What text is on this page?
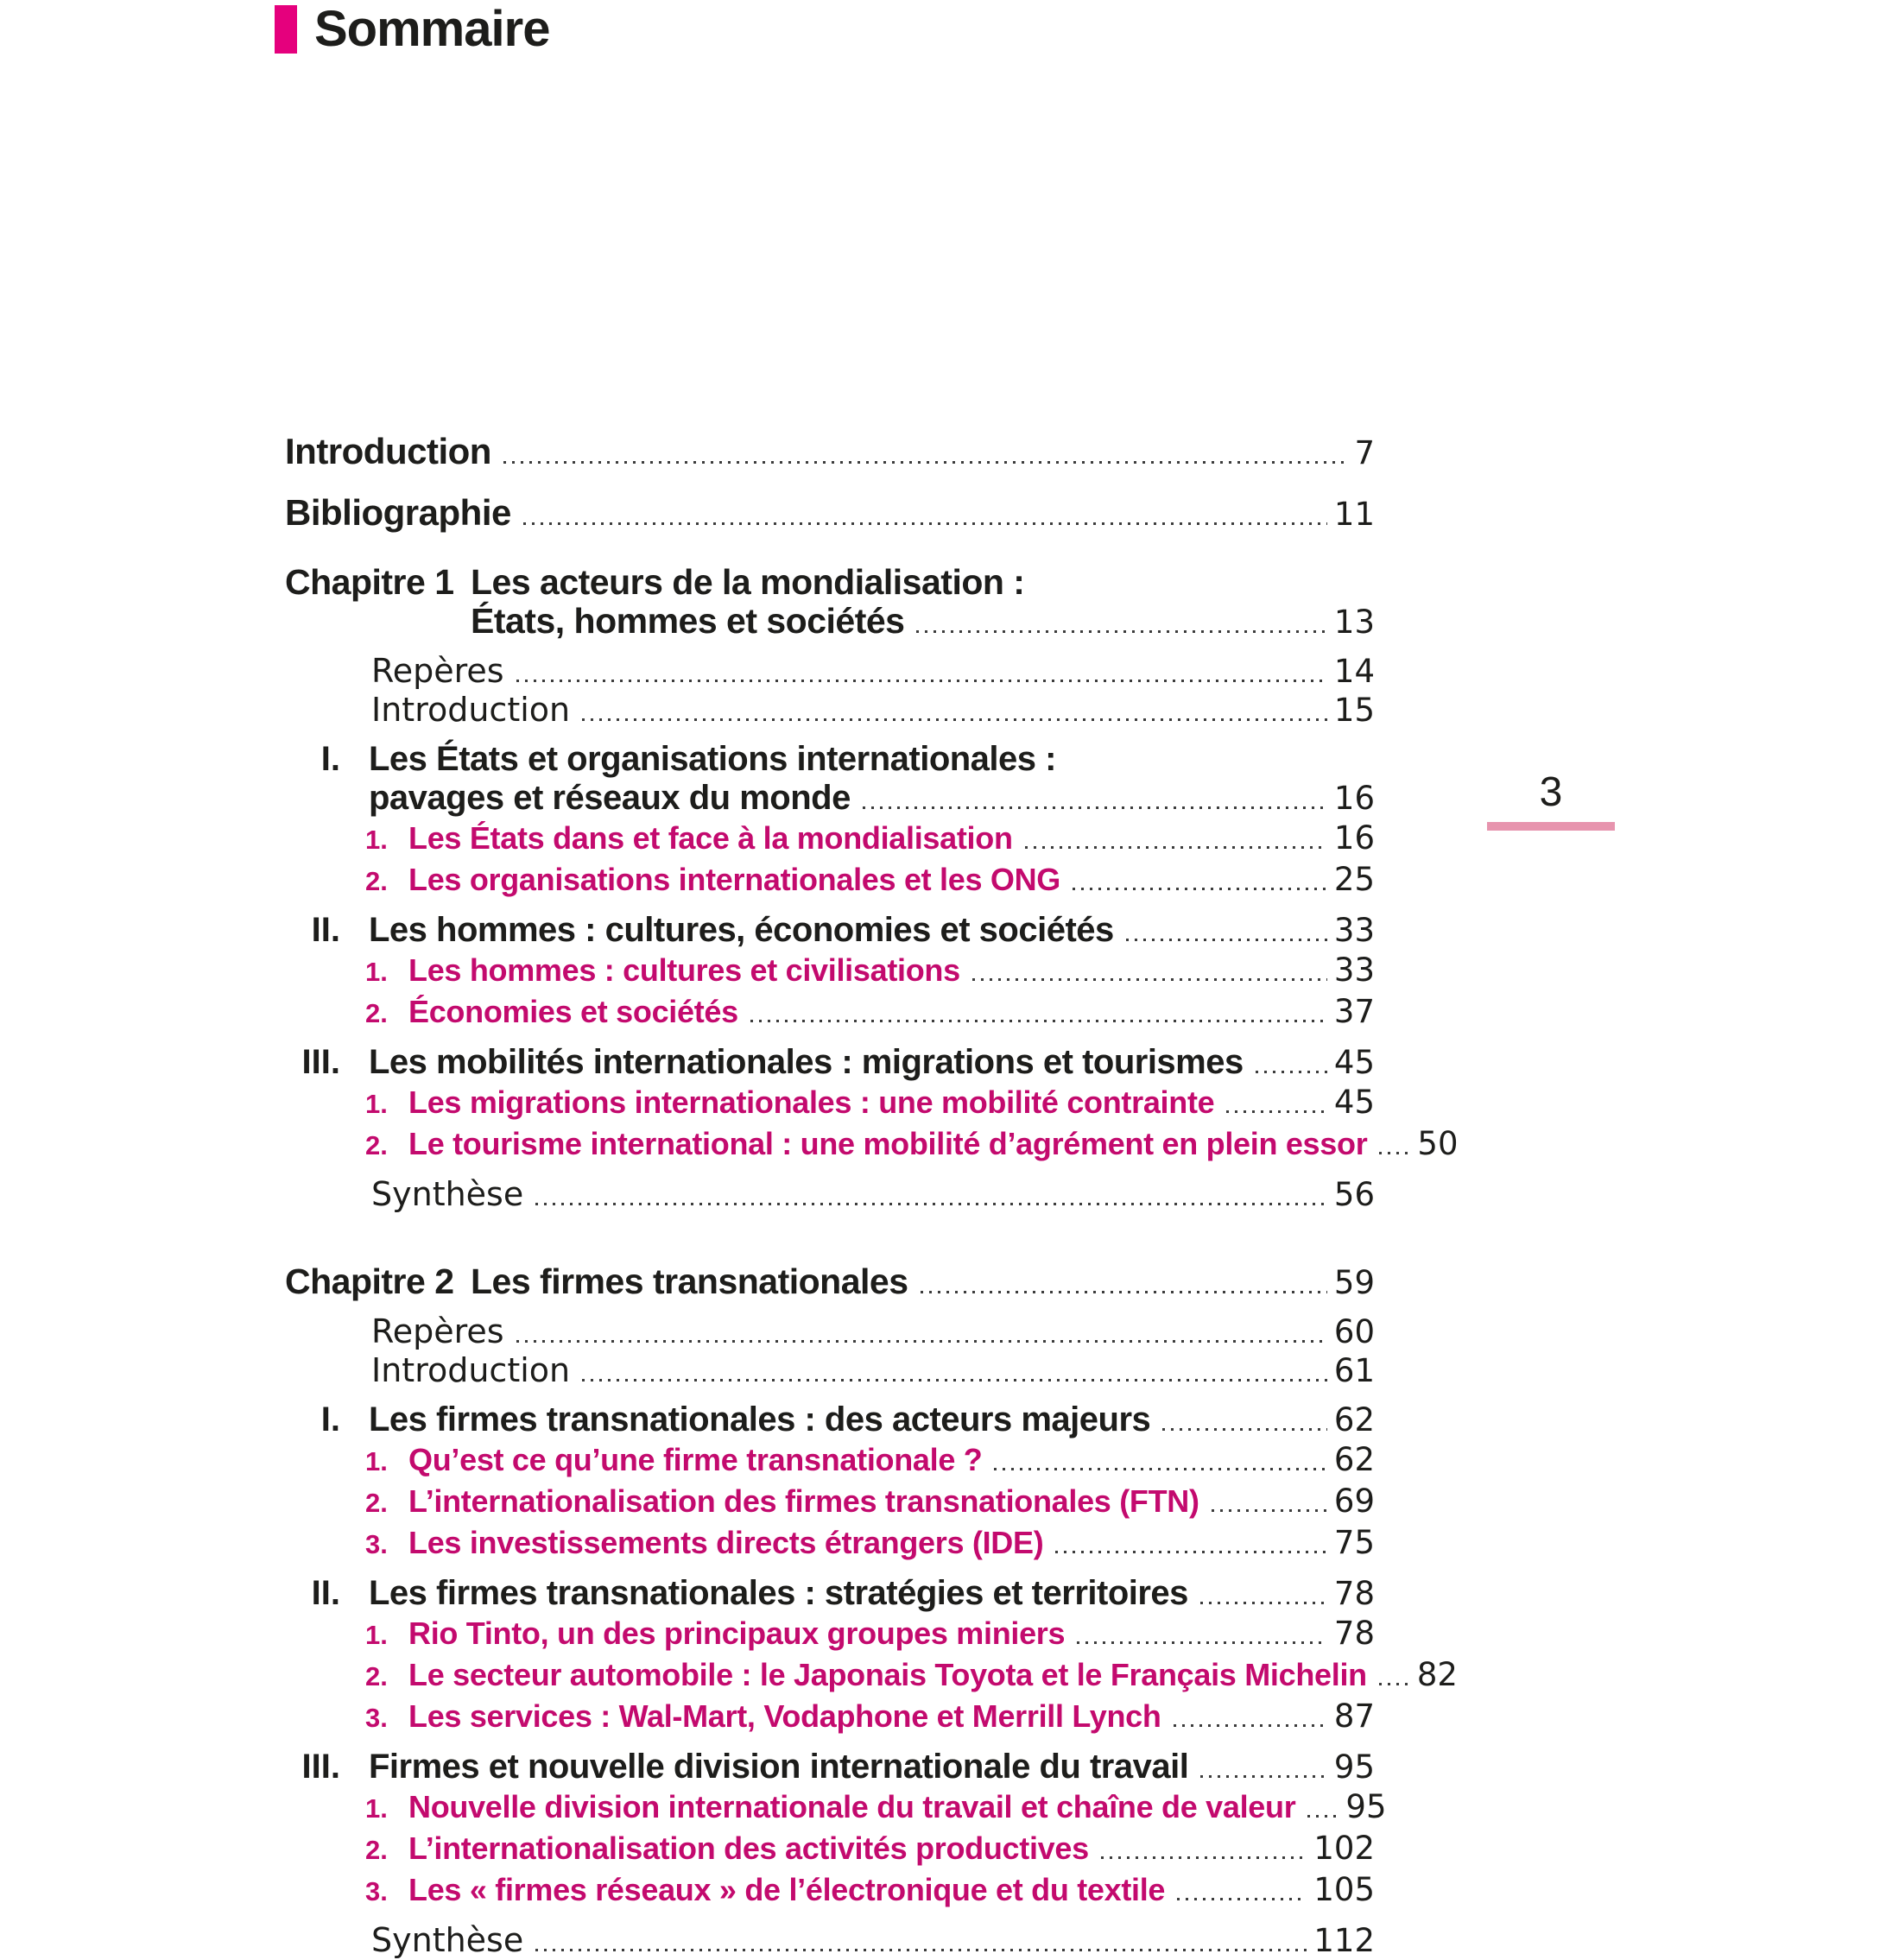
Sommaire
3
Introduction	7
Bibliographie	11
Chapitre 1 Les acteurs de la mondialisation :
États, hommes et sociétés	13
Repères	14
Introduction	15
I. Les États et organisations internationales :
pavages et réseaux du monde	16
1. Les États dans et face à la mondialisation	16
2. Les organisations internationales et les ONG	25
II. Les hommes : cultures, économies et sociétés	33
1. Les hommes : cultures et civilisations	33
2. Économies et sociétés	37
III. Les mobilités internationales : migrations et tourismes	45
1. Les migrations internationales : une mobilité contrainte	45
2. Le tourisme international : une mobilité d’agrément en plein essor 50
Synthèse	56
Chapitre 2 Les firmes transnationales	59
Repères	60
Introduction	61
I. Les firmes transnationales : des acteurs majeurs	62
1. Qu’est ce qu’une firme transnationale ?	62
2. L’internationalisation des firmes transnationales (FTN)	69
3. Les investissements directs étrangers (IDE)	75
II. Les firmes transnationales : stratégies et territoires	78
1. Rio Tinto, un des principaux groupes miniers	78
2. Le secteur automobile : le Japonais Toyota et le Français Michelin 82
3. Les services : Wal-Mart, Vodaphone et Merrill Lynch	87
III. Firmes et nouvelle division internationale du travail	95
1. Nouvelle division internationale du travail et chaîne de valeur 95
2. L’internationalisation des activités productives	102
3. Les « firmes réseaux » de l’électronique et du textile	105
Synthèse	112
